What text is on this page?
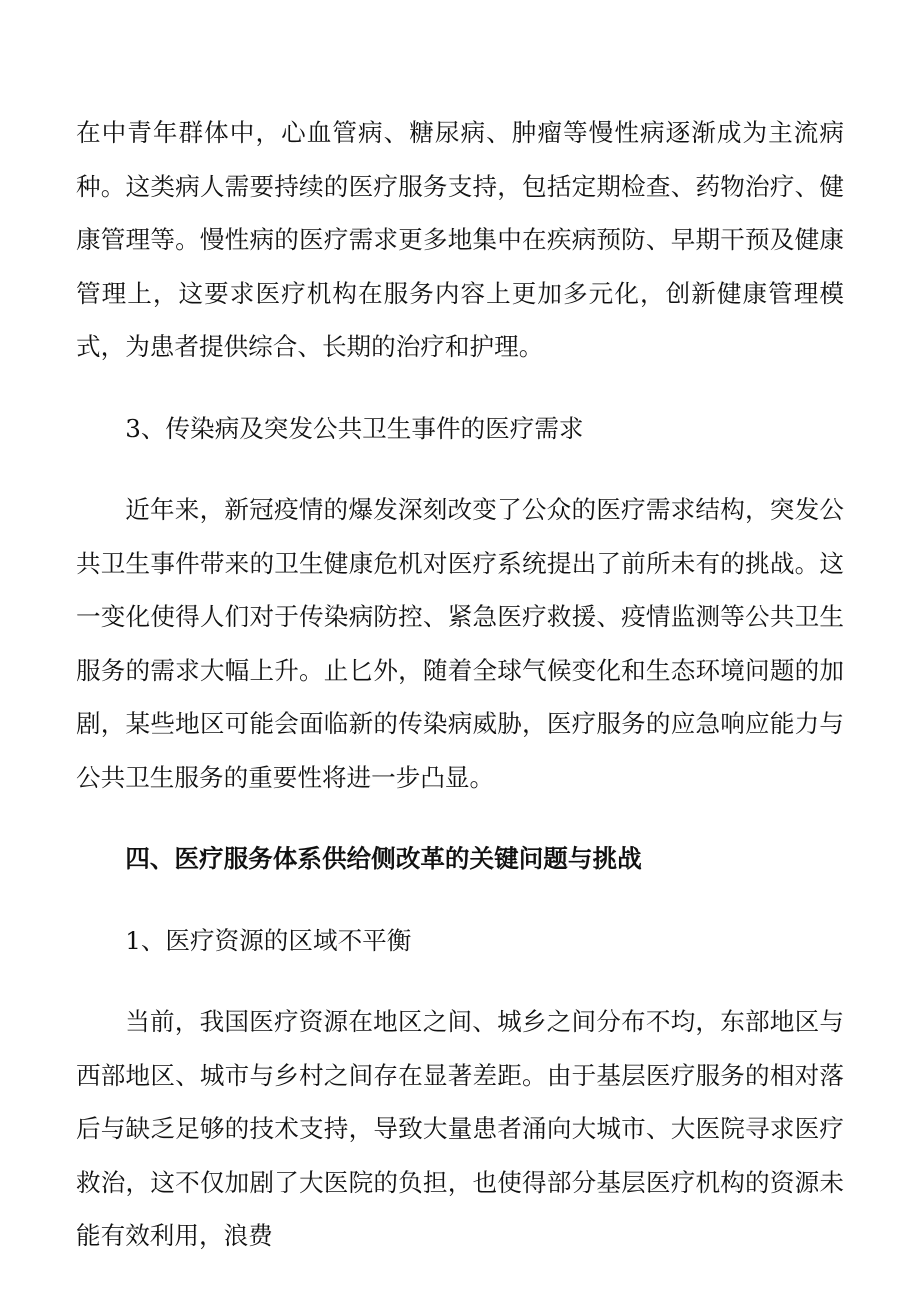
在中青年群体中，心血管病、糖尿病、肿瘤等慢性病逐渐成为主流病种。这类病人需要持续的医疗服务支持，包括定期检查、药物治疗、健康管理等。慢性病的医疗需求更多地集中在疾病预防、早期干预及健康管理上，这要求医疗机构在服务内容上更加多元化，创新健康管理模式，为患者提供综合、长期的治疗和护理。

3、传染病及突发公共卫生事件的医疗需求

近年来，新冠疫情的爆发深刻改变了公众的医疗需求结构，突发公共卫生事件带来的卫生健康危机对医疗系统提出了前所未有的挑战。这一变化使得人们对于传染病防控、紧急医疗救援、疫情监测等公共卫生服务的需求大幅上升。止匕外，随着全球气候变化和生态环境问题的加剧，某些地区可能会面临新的传染病威胁，医疗服务的应急响应能力与公共卫生服务的重要性将进一步凸显。

四、医疗服务体系供给侧改革的关键问题与挑战

1、医疗资源的区域不平衡

当前，我国医疗资源在地区之间、城乡之间分布不均，东部地区与西部地区、城市与乡村之间存在显著差距。由于基层医疗服务的相对落后与缺乏足够的技术支持，导致大量患者涌向大城市、大医院寻求医疗救治，这不仅加剧了大医院的负担，也使得部分基层医疗机构的资源未能有效利用，浪费
